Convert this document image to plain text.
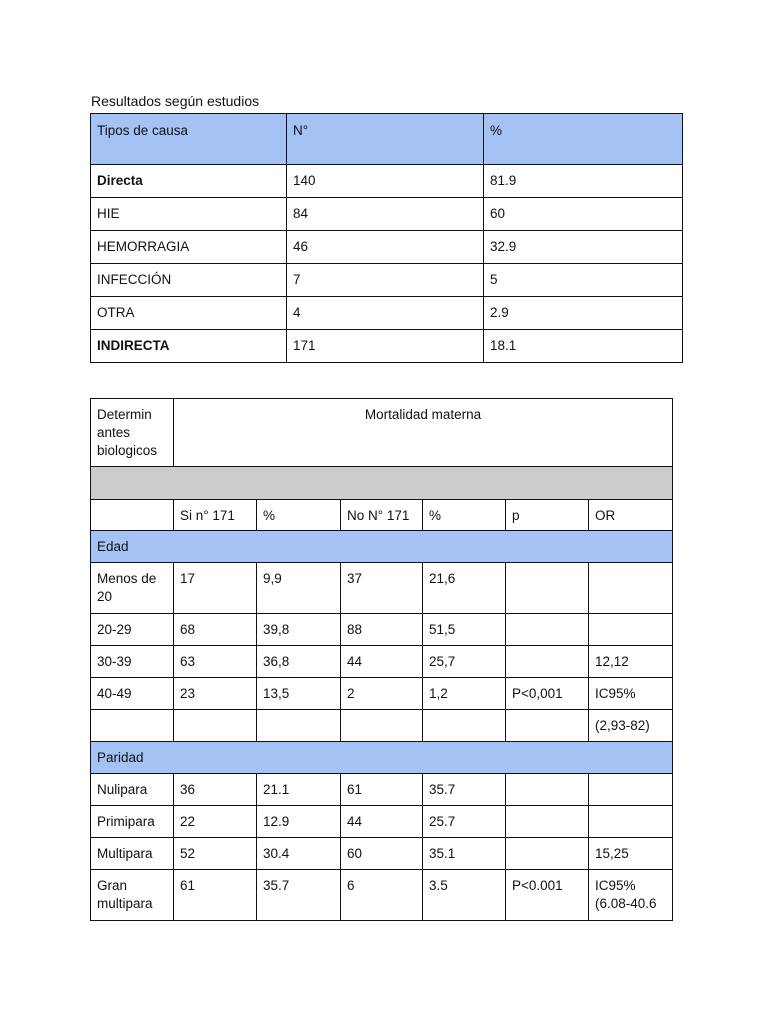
Resultados según estudios
Tipos de causa	N°	%
Directa	140	81.9
HIE	84	60
HEMORRAGIA	46	32.9
INFECCIÓN	7	5
OTRA	4	2.9
INDIRECTA	171	18.1
Determin antes biologicos	Mortalidad materna					

	Si n° 171	%	No N° 171	%	p	OR
Edad						
Menos de 20	17	9,9	37	21,6		
20-29	68	39,8	88	51,5		
30-39	63	36,8	44	25,7		12,12
40-49	23	13,5	2	1,2	P<0,001	IC95%
						(2,93-82)
Paridad						
Nulipara	36	21.1	61	35.7		
Primipara	22	12.9	44	25.7		
Multipara	52	30.4	60	35.1		15,25
Gran multipara	61	35.7	6	3.5	P<0.001	IC95% (6.08-40.6
